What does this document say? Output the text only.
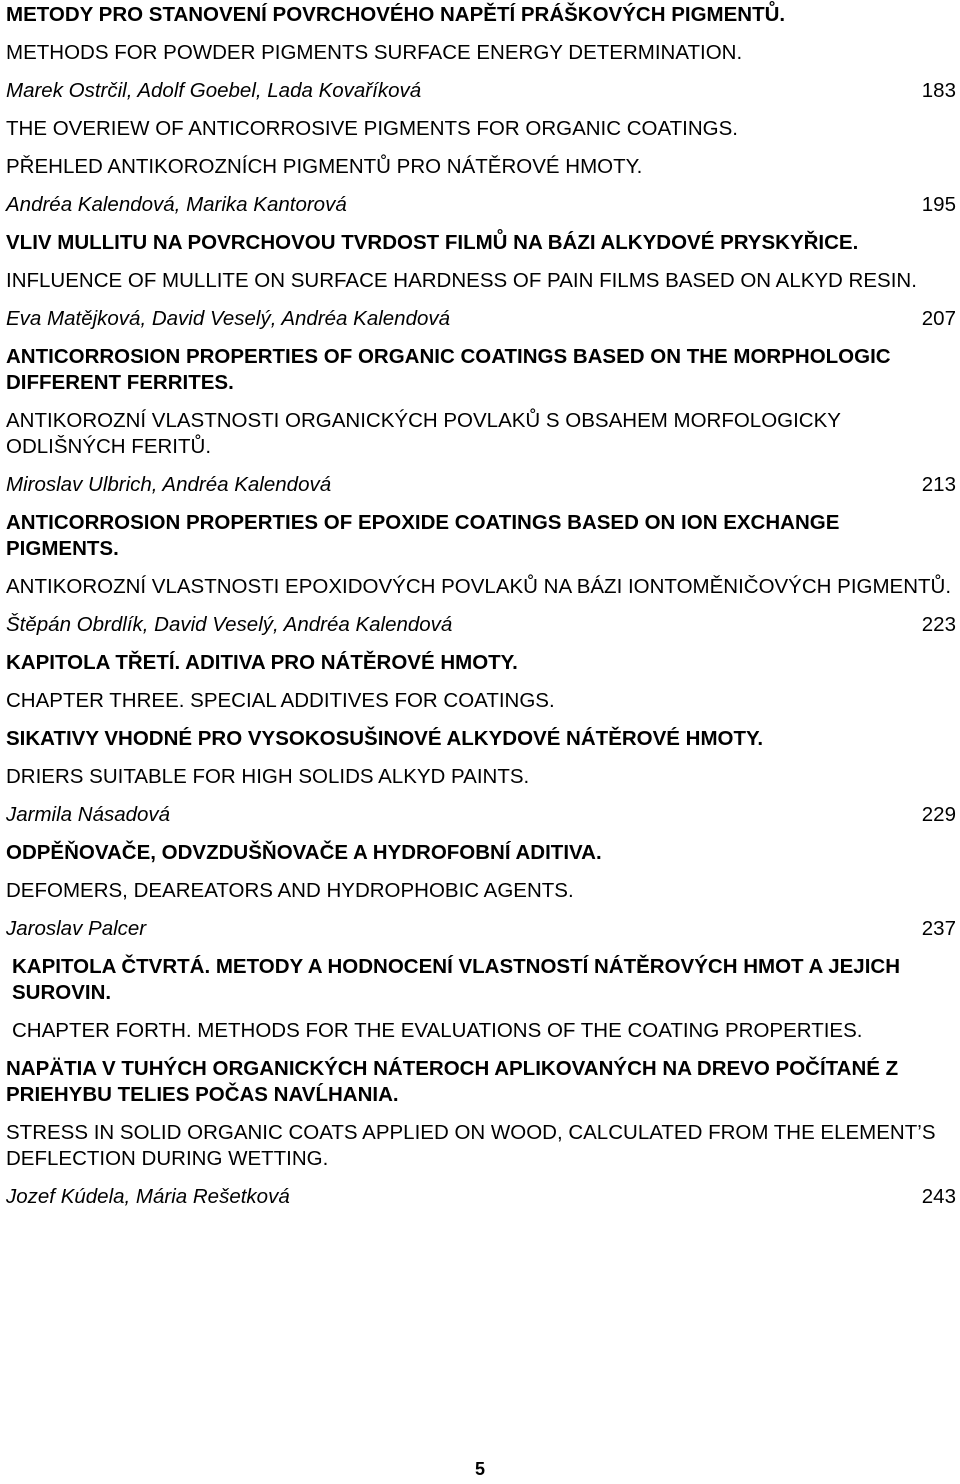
METODY PRO STANOVENÍ POVRCHOVÉHO NAPĚTÍ PRÁŠKOVÝCH PIGMENTŮ.
METHODS FOR POWDER PIGMENTS SURFACE ENERGY DETERMINATION.
Marek Ostrčil, Adolf Goebel, Lada Kovaříková	183
THE OVERIEW OF ANTICORROSIVE PIGMENTS FOR ORGANIC COATINGS.
PŘEHLED ANTIKOROZNÍCH PIGMENTŮ PRO NÁTĚROVÉ HMOTY.
Andréa Kalendová, Marika Kantorová	195
VLIV MULLITU NA POVRCHOVOU TVRDOST FILMŮ NA BÁZI ALKYDOVÉ PRYSKYŘICE.
INFLUENCE OF MULLITE ON SURFACE HARDNESS OF PAIN FILMS BASED ON ALKYD RESIN.
Eva Matějková, David Veselý, Andréa Kalendová	207
ANTICORROSION PROPERTIES OF ORGANIC COATINGS BASED ON THE MORPHOLOGIC DIFFERENT FERRITES.
ANTIKOROZNÍ VLASTNOSTI ORGANICKÝCH POVLAKŮ S OBSAHEM MORFOLOGICKY ODLIŠNÝCH FERITŮ.
Miroslav Ulbrich, Andréa Kalendová	213
ANTICORROSION PROPERTIES OF EPOXIDE COATINGS BASED ON ION EXCHANGE PIGMENTS.
ANTIKOROZNÍ VLASTNOSTI EPOXIDOVÝCH POVLAKŮ NA BÁZI IONTOMĚNIČOVÝCH PIGMENTŮ.
Štěpán Obrdlík, David Veselý, Andréa Kalendová	223
KAPITOLA TŘETÍ. ADITIVA PRO NÁTĚROVÉ HMOTY.
CHAPTER THREE. SPECIAL ADDITIVES FOR COATINGS.
SIKATIVY VHODNÉ PRO VYSOKOSUŠINOVÉ ALKYDOVÉ NÁTĚROVÉ HMOTY.
DRIERS SUITABLE FOR HIGH SOLIDS ALKYD PAINTS.
Jarmila Násadová	229
ODPĚŇOVAČE, ODVZDUŠŇOVAČE A HYDROFOBNÍ ADITIVA.
DEFOMERS, DEAREATORS AND HYDROPHOBIC AGENTS.
Jaroslav Palcer	237
KAPITOLA ČTVRTÁ. METODY A HODNOCENÍ VLASTNOSTÍ NÁTĚROVÝCH HMOT A JEJICH SUROVIN.
CHAPTER FORTH. METHODS FOR THE EVALUATIONS OF THE COATING PROPERTIES.
NAPÄTIA V TUHÝCH ORGANICKÝCH NÁTEROCH APLIKOVANÝCH NA DREVO POČÍTANÉ Z PRIEHYBU TELIES POČAS NAVĹHANIA.
STRESS IN SOLID ORGANIC COATS APPLIED ON WOOD, CALCULATED FROM THE ELEMENT’S DEFLECTION DURING WETTING.
Jozef Kúdela, Mária Rešetková	243
5
